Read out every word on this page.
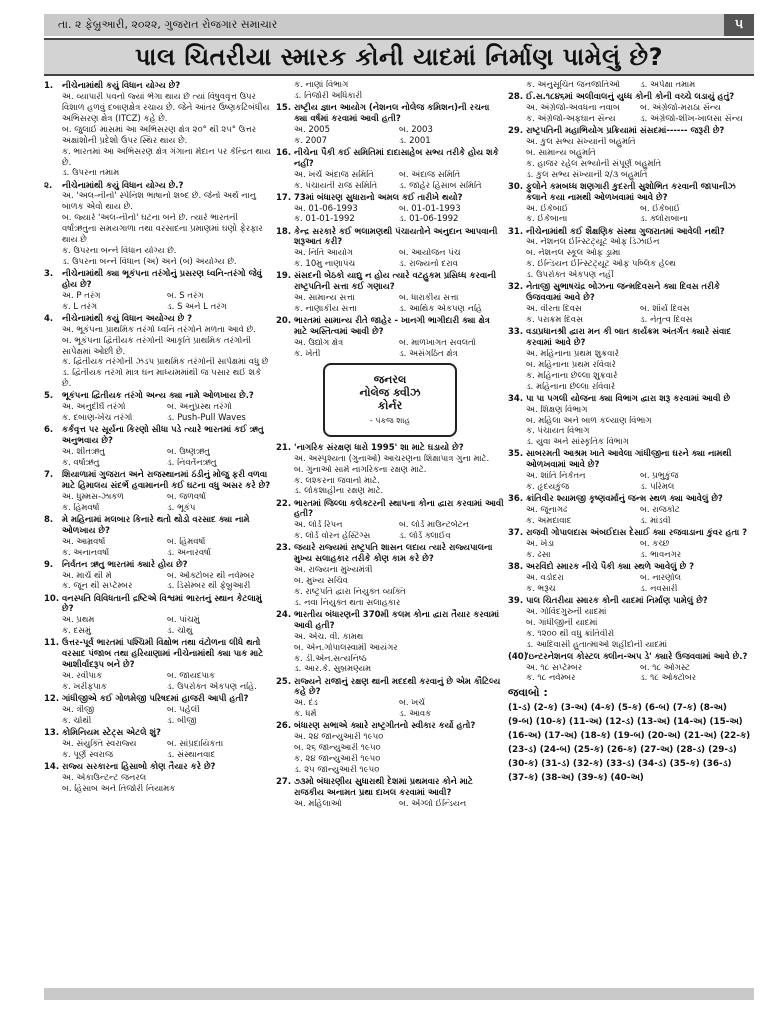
તા. ૨ ફેબ્રુઆરી, ૨૦૨૨, ગુજરાત રોજગાર સમાચાર	૫
પાલ ચિતરીયા સ્મારક કોની યાદમાં નિર્માણ પામેલું છે?
1.	નીચેનામાંથી કયું વિધાન યોગ્ય છે?
અ. વ્યાપારી પવનો જ્યાં ભેગા થાય છે ત્યાં વિષુવવૃત્ત ઉપર વિશાળ હળવું દબાણક્ષેત્ર રચાય છે. જેને આંતર ઉષ્ણકટિબંધીય અભિસરણ ક્ષેત્ર (ITCZ) કહે છે.
બ. જુલાઈ માસમાં આ અભિસરણ ક્ષેત્ર ૨૦° થી ૨૫° ઉત્તર અક્ષાંશોની પ્રદેશો ઉપર સ્થિર થાય છે.
ક. ભારતમાં આ અભિસરણ ક્ષેત્ર ગંગાના મેદાન પર કેન્દ્રિત થાય છે.
ડ. ઉપરના તમામ
૨.	નીચેનામાંથી કયું વિધાન યોગ્ય છે.?
અ. 'અલ-નીનો' સ્પેનિશ ભાષાનો શબ્દ છે. જેનો અર્થ નાનુ બાળક એવો થાય છે.
બ. જ્યારે 'અલ-નીનો' ઘટના બને છે. ત્યારે ભારતની વર્ષાઋતુના સમયગાળા તથા વરસાદના પ્રમાણમાં ઘણો ફેરફાર થાય છે
ક. ઉપરના બન્ને વિધાન યોગ્ય છે.
ડ. ઉપરના બન્ને વિધાન (અ) અને (બ) અયોગ્ય છે.
3.	નીચેનામાંથી ક્યા ભૂકંપના તરંગોનું પ્રસરણ ધ્વનિ-તરંગો જેવું હોય છે?
અ. P તરંગ	બ. S તરંગ
ક. L તરંગ	ડ. S અને L તરંગ
4.	નીચેનામાંથી કયું વિધાન અયોગ્ય છે ?
અ. ભૂકંપના પ્રાથમિક તરંગો ધ્વનિ તરંગોને મળતા આવે છે.
બ. ભૂકંપના દ્વિતીયક તરંગોની આકૃતિ પ્રાથમિક તરંગોની સાપેક્ષમાં ઓછી છે.
ક. દ્વિતીયક તરંગોની ઝડપ પ્રાથમિક તરંગોની સાપેક્ષમાં વધુ છે
ડ. દ્વિતીયક તરંગો માત્ર ઘન માધ્યમમાંથી જ પસાર થઈ શકે છે.
5.	ભૂકંપના દ્વિતીયક તરંગો અન્ય ક્યા નામે ઓળખાય છે.?
અ. અનુદીર્ઘ તરંગો	બ. અનુપ્રસ્થ તરંગો
ક. દબાણ-ખેંચ તરંગો	ડ. Push-Pull Waves
6.	કર્કવૃત્ત પર સૂર્યના કિરણો સીધા પડે ત્યારે ભારતમાં કઈ ઋતુ અનુભવાય છે?
અ. શીતઋતુ	બ. ઉષ્ણઋતુ
ક. વર્ષાઋતુ	ડ. નિવર્તનઋતુ
7.	શિયાળામાં ગુજરાત અને રાજસ્થાનમાં ઠંડીનું મોજુ ફરી વળવા માટે હિમાલય સંદર્ભે હવામાનની કઈ ઘટના વધુ અસર કરે છે?
અ. ધુમ્મસ-ઝાકળ	બ. જળવર્ષા
ક. હિમવર્ષા	ડ. ભૂકંપ
8.	મે મહિનામાં મલબાર કિનારે થતો થોડો વરસાદ ક્યા નામે ઓળખાય છે?
અ. આમ્રવર્ષા	બ. હિમવર્ષા
ક. અનાનવર્ષા	ડ. અનારવર્ષા
9.	નિર્વતન ઋતુ ભારતમાં ક્યારે હોય છે?
અ. માર્ચ થી મે	બ. ઓક્ટોબર થી નવેમ્બર
ક. જૂન થી સપ્ટેમ્બર	ડ. ડિસેમ્બર થી ફેબ્રુઆરી
10. વનસ્પતિ વિવિધતાની દ્રષ્ટિએ વિશ્વમાં ભારતનું સ્થાન કેટલામું છે?
અ. પ્રથમ	બ. પાંચમું
ક. દસમું	ડ. ચોથું
11. ઉત્તર-પૂર્વ ભારતમાં પશ્ચિમી વિક્ષોભ તથા વંટોળના લીધે થતો વરસાદ પંજાબ તથા હરિયાણામાં નીચેનામાંથી ક્યા પાક માટે આશીર્વાદરૂપ બને છે?
અ. રવીપાક	બ. જાયદપાક
ક. ખરીફપાક	ડ. ઉપરોક્ત એકપણ નહિ.
12. ગાંધીજીએ કઈ ગોળમેજી પરિષદમાં હાજરી આપી હતી?
અ. ત્રીજી	બ. પહેલી
ક. ચોથી	ડ. બીજી
13. કોમિનિયમ સ્ટેટ્સ એટલે શું?
અ. સંયુક્તિ સ્વરાજ્ય	બ. સાંપ્રદાયિકતા
ક. પૂર્ણ સ્વરાજ	ડ. સંસ્થાનવાદ
14. રાજ્ય સરકારના હિસાબો કોણ તૈયાર કરે છે?
અ. એકાઉન્ટન્ટ જનરલ
બ. હિસાબ અને તિજોરી નિયામક
ક. નાણાં વિભાગ
ડ. તિજોરી અધિકારી
15. રાષ્ટ્રીય જ્ઞાન આયોગ (નેશનલ નોલેજ કમિશન)ની રચના ક્યા વર્ષમાં કરવામાં આવી હતી?
અ. 2005	બ. 2003
ક. 2007	ડ. 2001
16. નીચેના પૈકી કઈ સમિતિમાં દાદાસાહેબ સભ્ય તરીકે હોય શકે નહીં?
અ. ખર્ચ અંદાજ સમિતિ	બ. અંદાજ સમિતિ
ક. પંચાયતી રાજ સમિતિ	ડ. જાહેર હિસાબ સમિતિ
17. 73માં બંધારણ સુધારાનો અમલ કઈ તારીખે થયો?
અ. 01-06-1993	બ. 01-01-1993
ક. 01-01-1992	ડ. 01-06-1992
18. કેન્દ્ર સરકારે કઈ ભલામણથી પંચાયતોને અનુદાન આપવાની શરૂઆત કરી?
અ. નિતિ આયોગ	બ. આયોજન પંચ
ક. 10મુ નાણાપંચ	ડ. રાજ્યનો દરાવ
19. સંસદની બેઠકો યાદ્યુ ન હોય ત્યારે વટહુકમ પ્રસિધ્ધ કરવાની રાષ્ટ્રપતિની સત્તા કઈ ગણાય?
અ. સામાન્ય સત્તા	બ. ધારાકીય સત્તા
ક. નાણાકીય સત્તા	ડ. આર્થિક એકપણ નહિ
20. ભારતમાં સામાન્ય રીતે જાહેર - ખાનગી ભાગીદારી ક્યા ક્ષેત્ર માટે અસ્તિત્વમાં આવી છે?
અ. ઉદ્યોગ ક્ષેત્ર	બ. માળખાગત સવલતો
ક. ખેતી	ડ. અસંગઠિત ક્ષેત્ર
જનરલ
નોલેજ ક્વીઝ
કોર્નર
- પંકજ શાહ
21. 'નાગરિક સંરક્ષણ ધારો 1995' શા માટે ઘડાયો છે?
અ. અસ્પૃશ્યતા (ગુનાઓ) આચરણના શિક્ષાપાત્ર ગુના માટે.
બ. ગુનાઓ સામે નાગરિકના રક્ષણ માટે.
ક. લશ્કરના જવાનો માટે.
ડ. લોકશાહીના રક્ષણ માટે.
22. ભારતમાં જિલ્લા કલેક્ટરની સ્થાપના કોના દ્વારા કરવામાં આવી હતી?
અ. લોર્ડ રિપન	બ. લોર્ડ માઉન્ટબેટન
ક. લોર્ડ વોરન હેસ્ટિંગ્સ	ડ. લોર્ડ ક્લાઈવ
23. જયારે રાજ્યમાં રાષ્ટ્રપતિ શાસન લદાય ત્યારે રાજ્યપાલના મુખ્ય સલાહકાર તરીકે કોણ કામ કરે છે?
અ. રાજ્યના મુખ્યમંત્રી
બ. મુખ્ય સચિવ
ક. રાષ્ટ્રપતિ દ્વારા નિયુક્ત વ્યક્તિ
ડ. નવા નિયુક્ત થતા સલાહકાર
24. ભારતીય બંધારણની 370મી કલમ કોના દ્વારા તૈયાર કરવામાં આવી હતી?
અ. એચ. વી. કામથ
બ. એન.ગોપાલસ્વામી આયંગર
ક. ડી.એન.સત્યનિષ્ઠ
ડ. આર.કે. સુબ્રમણ્યમ
25. રાજ્યને રાજાનું રક્ષણ થાની મદદથી કરવાનું છે એમ કૌટિલ્ય કહે છે?
અ. દંડ	બ. ખર્ચ
ક. ધર્મ	ડ. આવક
26. બંધારણ સભાએ ક્યારે રાષ્ટ્રગીતનો સ્વીકાર કર્યો હતો?
અ. ૨૪ જાન્યુઆરી ૧૯૫૦
બ. ૨૬ જાન્યુઆરી ૧૯૫૦
ક. ૨૪ જાન્યુઆરી ૧૯૫૦
ડ. ૨૫ જાન્યુઆરી ૧૯૫૦
27. ૭૩મો બંધારણીય સુધારાથી દેશમાં પ્રથમવાર કોને માટે રાજકીય અનામત પ્રથા દાખલ કરવામાં આવી?
અ. મહિલાઓ	બ. એંગ્લો ઈન્ડિયન
ક. અનુસૂચિત જનજાતિઓ	ડ. અપેક્ષા તમામ
28. ઈ.સ.૧૮૪૬માં અલીવાલનું યુધ્ધ કોની કોની વચ્ચે લડાયું હતું?
અ. અંગ્રેજો-અવધના નવાબ	બ. અંગ્રેજો-મરાઠા સૈન્ય
ક. અંગ્રેજો-અફઘાન સૈન્ય	ડ. અંગ્રેજો-શીખ-ખાલસા સૈન્ય
29. રાષ્ટ્રપતિની મહાભિયોગ પ્રક્રિયામાં સંસદમાં------ જરૂરી છે?
અ. કુલ સભ્ય સંખ્યાની બહુમતિ
બ. સામાન્ય બહુમતિ
ક. હાજર રહેલ સભ્યોની સંપૂર્ણ બહુમતિ
ડ. કુલ સભ્ય સંખ્યાની ૨/૩ બહુમતિ
30. ફુલોને કમબધ્ધ શણગારી કુદરતી સુશોભિત કરવાની જાપાનીઝ કલાને કયા નામથી ઓળખવામાં આવે છે?
અ. ઈકેબાઈ	બ. ઈકેબાઈ
ક. ઈકેબાના	ડ. ક્લોરાબાના
31. નીચેનામાંથી કઈ શૈક્ષણિક સંસ્થા ગુજરાતમાં આવેલી નથી?
અ. નેશનલ ઈન્સ્ટિટ્યૂટ ઓફ ડિઝાઈન
બ. નેશનલ સ્કૂલ ઓફ ડ્રામા
ક. ઈન્ડિયન ઈન્સ્ટિટ્યૂટ ઓફ પબ્લિક હેલ્થ
ડ. ઉપરોક્ત એકપણ નહીં
32. નેતાજી સુભાષચંદ્ર બોઝના જન્મદિવસને ક્યા દિવસ તરીકે ઉજવવામાં આવે છે?
અ. વીરતા દિવસ	બ. શૌર્ય દિવસ
ક. પરાક્રમ દિવસ	ડ. નેતૃત્વ દિવસ
33. વડાપ્રધાનશ્રી દ્વારા મન કી બાત કાર્યક્રમ અંતર્ગત ક્યારે સંવાદ કરવામાં આવે છે?
અ. મહિનાના પ્રથમ શુક્રવારે
બ. મહિનાના પ્રથમ રવિવારે
ક. મહિનાના છેલ્લા શુક્રવારે
ડ. મહિનાના છેલ્લા રવિવારે
34. પા પા પગલી યોજના ક્યા વિભાગ દ્વારા શરૂ કરવામાં આવી છે
અ. શિક્ષણ વિભાગ
બ. મહિલા અને બાળ કલ્યાણ વિભાગ
ક. પંચાયત વિભાગ
ડ. યુવા અને સાંસ્કૃતિક વિભાગ
35. સાબરમતી આશ્રમ ખાતે આવેલા ગાંધીજીના ઘરને ક્યા નામથી ઓળખવામાં આવે છે?
અ. શાંતિ નિકેતન	બ. પ્રભુકુંજ
ક. હૃદયકુંજ	ડ. પરિમલ
36. ક્રાંતિવીર શ્યામજી કૃષ્ણવર્માનું જન્મ સ્થળ ક્યા આવેલું છે?
અ. જૂનાગઢ	બ. રાજકોટ
ક. અમદાવાદ	ડ. માંડવી
37. રાજવી ગોપાલદાસ અંબઈદાસ દેસાઈ ક્યા રજવાડાના કુંવર હતા ?
અ. ખેડા	બ. કચ્છ
ક. ઢસા	ડ. ભાવનગર
38. અરવિંદો સ્મારક નીચે પૈકી ક્યા સ્થળે આવેલું છે ?
અ. વડોદરા	બ. નારણોલ
ક. ભરૂચ	ડ. નવસારી
39. પાલ ચિતરીયા સ્મારક કોની યાદમાં નિર્માણ પામેલું છે?
અ. ગોવિંદગુરુની યાદમાં
બ. ગાંધીજીની યાદમાં
ક. ૧૨૦૦ થી વધુ ક્રાંતિવીરો
ડ. આદિવાસી હુતાત્માઓ શહીદોની યાદમાં
(40)
'ઇન્ટરનેશનલ કોસ્ટલ ક્લીન-અપ ડે' ક્યારે ઉજવવામાં આવે છે.?
અ. ૧૮ સપ્ટેમ્બર	બ. ૧૮ ઓગસ્ટ
ક. ૧૮ નવેમ્બર	ડ. ૧૮ ઓક્ટોબર
જવાબો :
(1-ડ) (2-ક) (3-અ) (4-ક) (5-ક) (6-બ) (7-ક) (8-અ)(9-બ) (10-ક) (11-અ) (12-ડ) (13-અ) (14-અ) (15-અ)(16-અ) (17-અ) (18-ક) (19-બ) (20-અ) (21-અ) (22-ક)(23-ડ) (24-બ) (25-ક) (26-ક) (27-અ) (28-ડ) (29-ડ)(30-ક) (31-ડ) (32-ક) (33-ડ) (34-ડ) (35-ક) (36-ડ)(37-ક) (38-અ) (39-ક) (40-અ)
